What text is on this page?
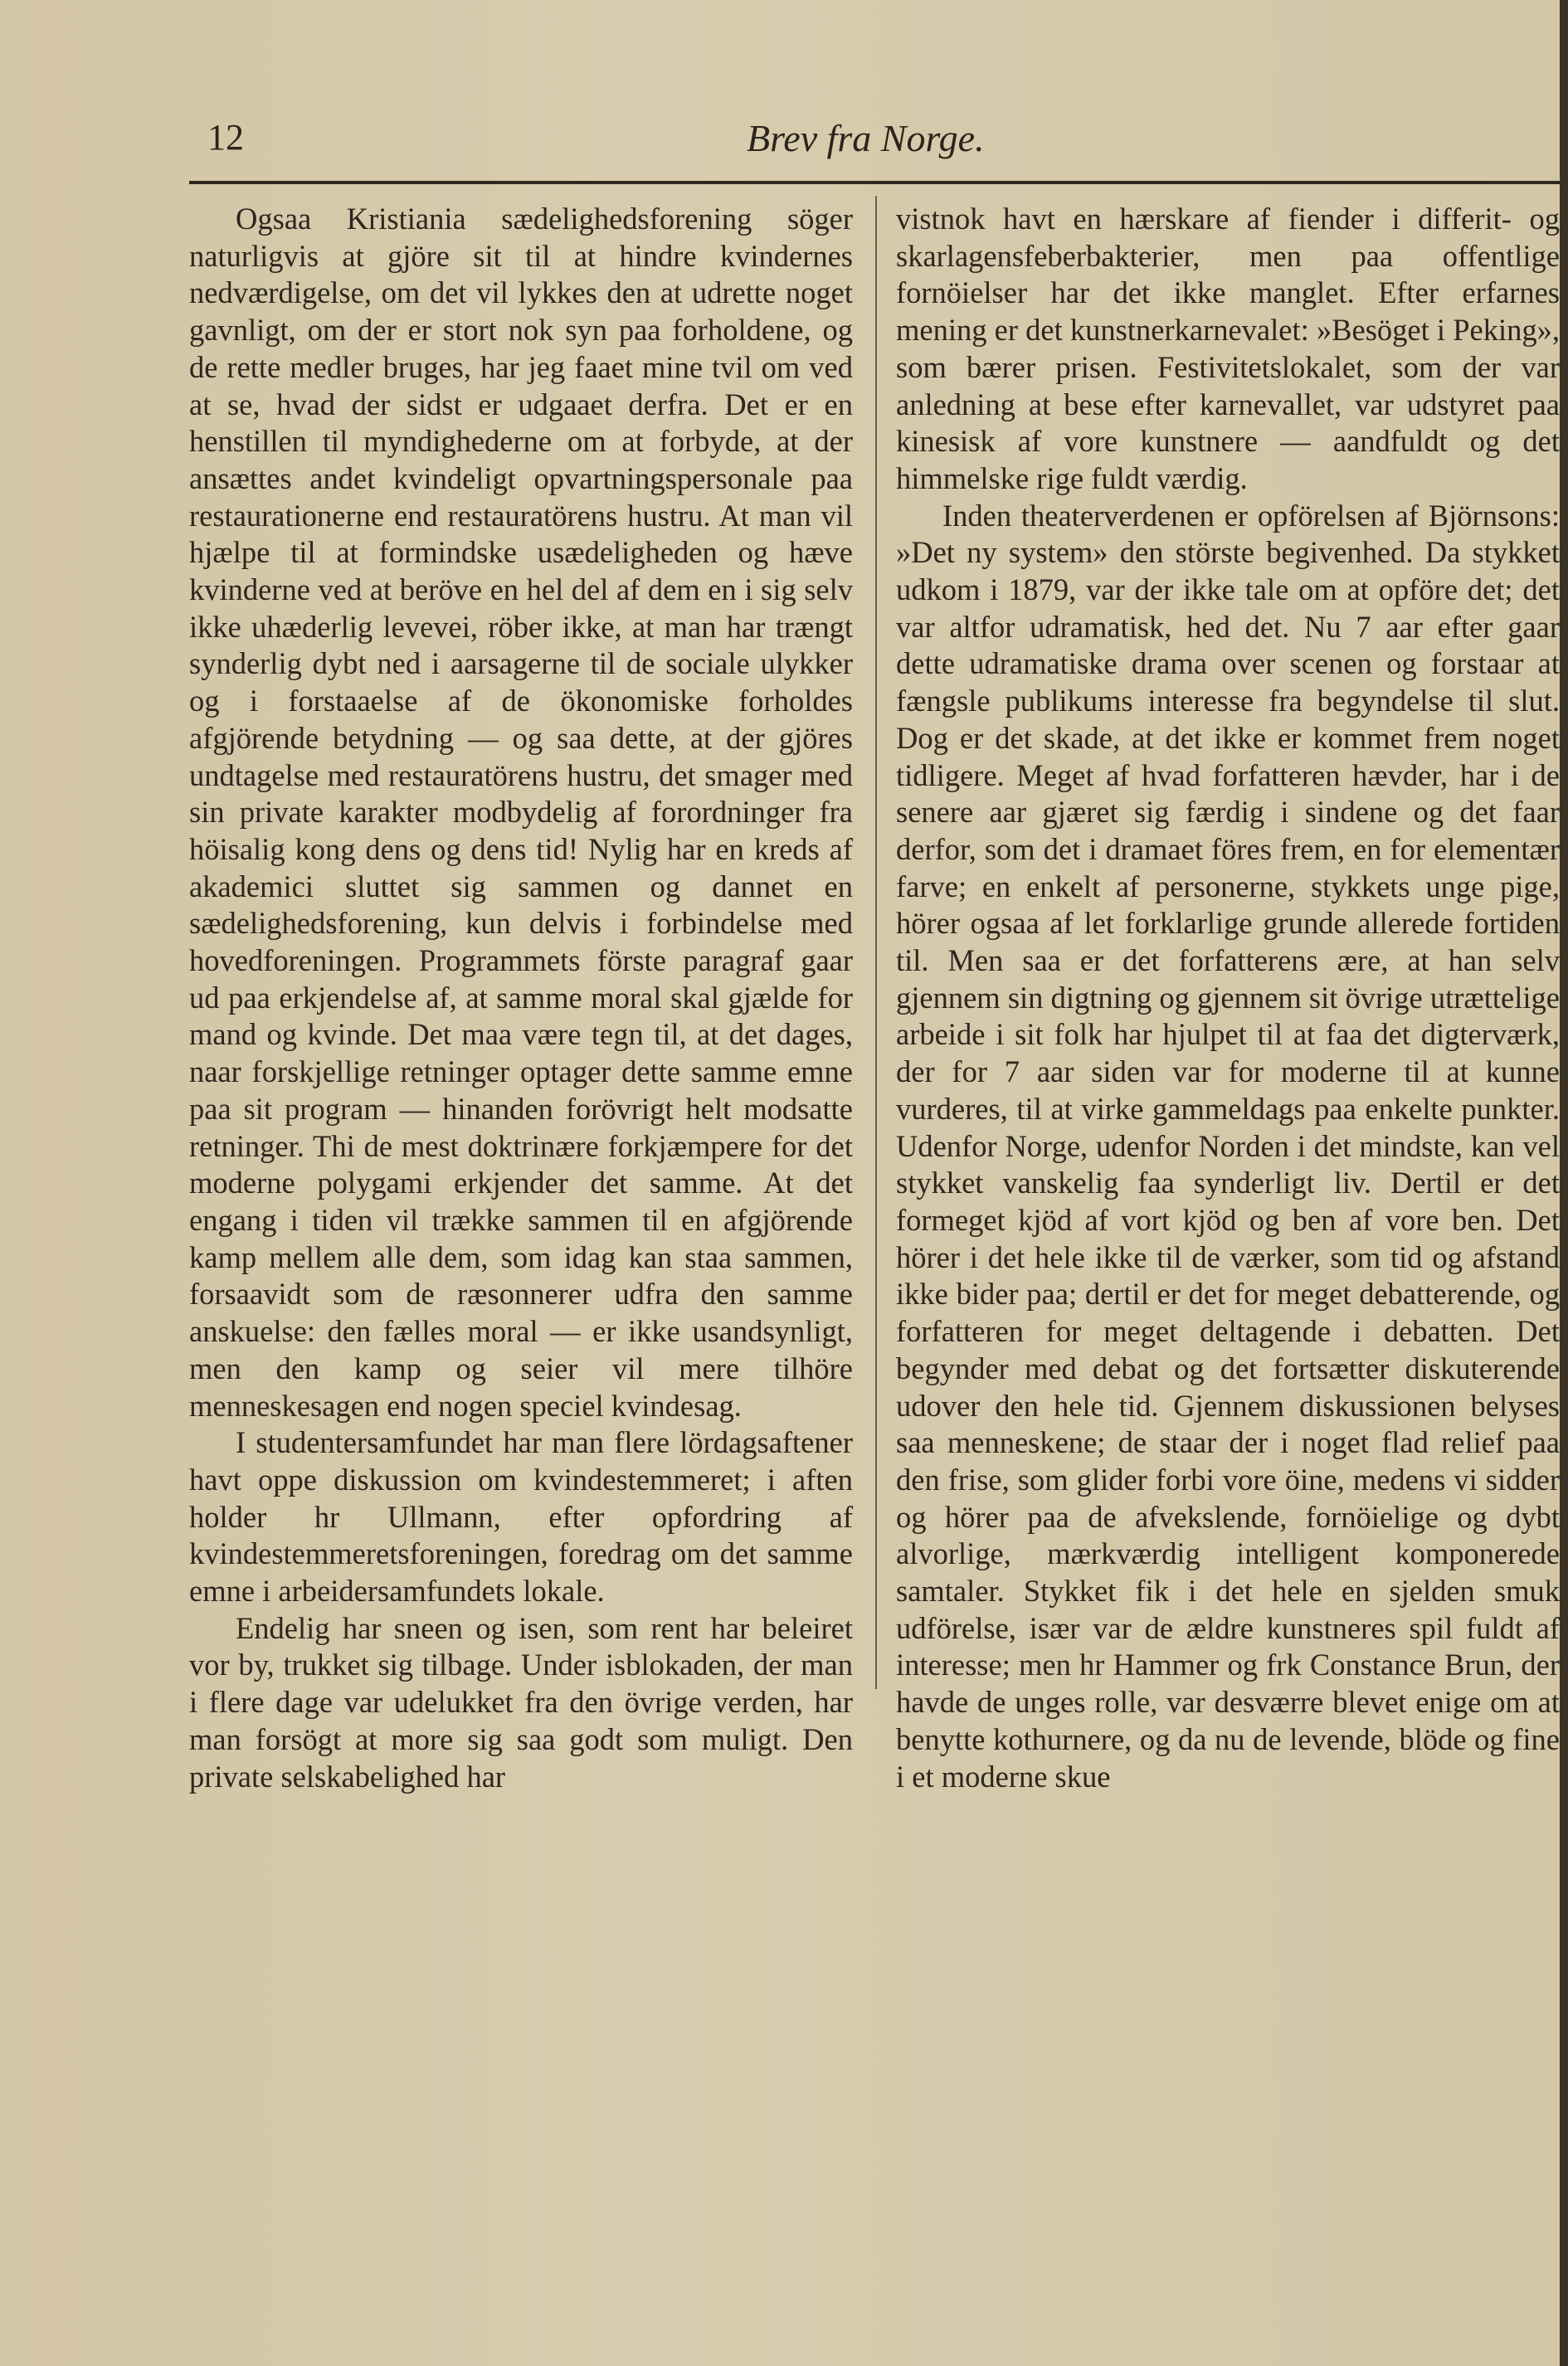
12	Brev fra Norge.

Ogsaa Kristiania sædelighedsforening söger naturligvis at gjöre sit til at hindre kvindernes nedværdigelse, om det vil lykkes den at udrette noget gavnligt, om der er stort nok syn paa forholdene, og de rette medler bruges, har jeg faaet mine tvil om ved at se, hvad der sidst er udgaaet derfra. Det er en henstillen til myndighederne om at forbyde, at der ansættes andet kvindeligt opvartningspersonale paa restaurationerne end restauratörens hustru. At man vil hjælpe til at formindske usædeligheden og hæve kvinderne ved at beröve en hel del af dem en i sig selv ikke uhæderlig levevei, röber ikke, at man har trængt synderlig dybt ned i aarsagerne til de sociale ulykker og i forstaaelse af de ökonomiske forholdes afgjörende betydning — og saa dette, at der gjöres undtagelse med restauratörens hustru, det smager med sin private karakter modbydelig af forordninger fra höisalig kong dens og dens tid! Nylig har en kreds af akademici sluttet sig sammen og dannet en sædelighedsforening, kun delvis i forbindelse med hovedforeningen. Programmets förste paragraf gaar ud paa erkjendelse af, at samme moral skal gjælde for mand og kvinde. Det maa være tegn til, at det dages, naar forskjellige retninger optager dette samme emne paa sit program — hinanden forövrigt helt modsatte retninger. Thi de mest doktrinære forkjæmpere for det moderne polygami erkjender det samme. At det engang i tiden vil trække sammen til en afgjörende kamp mellem alle dem, som idag kan staa sammen, forsaavidt som de ræsonnerer udfra den samme anskuelse: den fælles moral — er ikke usandsynligt, men den kamp og seier vil mere tilhöre menneskesagen end nogen speciel kvindesag.

I studentersamfundet har man flere lördagsaftener havt oppe diskussion om kvindestemmeret; i aften holder hr Ullmann, efter opfordring af kvindestemmeretsforeningen, foredrag om det samme emne i arbeidersamfundets lokale.

Endelig har sneen og isen, som rent har beleiret vor by, trukket sig tilbage. Under isblokaden, der man i flere dage var udelukket fra den övrige verden, har man forsögt at more sig saa godt som muligt. Den private selskabelighed har

vistnok havt en hærskare af fiender i differit- og skarlagensfeberbakterier, men paa offentlige fornöielser har det ikke manglet. Efter erfarnes mening er det kunstnerkarnevalet: »Besöget i Peking», som bærer prisen. Festivitetslokalet, som der var anledning at bese efter karnevallet, var udstyret paa kinesisk af vore kunstnere — aandfuldt og det himmelske rige fuldt værdig.

Inden theaterverdenen er opförelsen af Björnsons: »Det ny system» den störste begivenhed. Da stykket udkom i 1879, var der ikke tale om at opföre det; det var altfor udramatisk, hed det. Nu 7 aar efter gaar dette udramatiske drama over scenen og forstaar at fængsle publikums interesse fra begyndelse til slut. Dog er det skade, at det ikke er kommet frem noget tidligere. Meget af hvad forfatteren hævder, har i de senere aar gjæret sig færdig i sindene og det faar derfor, som det i dramaet föres frem, en for elementær farve; en enkelt af personerne, stykkets unge pige, hörer ogsaa af let forklarlige grunde allerede fortiden til. Men saa er det forfatterens ære, at han selv gjennem sin digtning og gjennem sit övrige utrættelige arbeide i sit folk har hjulpet til at faa det digterværk, der for 7 aar siden var for moderne til at kunne vurderes, til at virke gammeldags paa enkelte punkter. Udenfor Norge, udenfor Norden i det mindste, kan vel stykket vanskelig faa synderligt liv. Dertil er det formeget kjöd af vort kjöd og ben af vore ben. Det hörer i det hele ikke til de værker, som tid og afstand ikke bider paa; dertil er det for meget debatterende, og forfatteren for meget deltagende i debatten. Det begynder med debat og det fortsætter diskuterende udover den hele tid. Gjennem diskussionen belyses saa menneskene; de staar der i noget flad relief paa den frise, som glider forbi vore öine, medens vi sidder og hörer paa de afvekslende, fornöielige og dybt alvorlige, mærkværdig intelligent komponerede samtaler. Stykket fik i det hele en sjelden smuk udförelse, især var de ældre kunstneres spil fuldt af interesse; men hr Hammer og frk Constance Brun, der havde de unges rolle, var desværre blevet enige om at benytte kothurnere, og da nu de levende, blöde og fine i et moderne skue
